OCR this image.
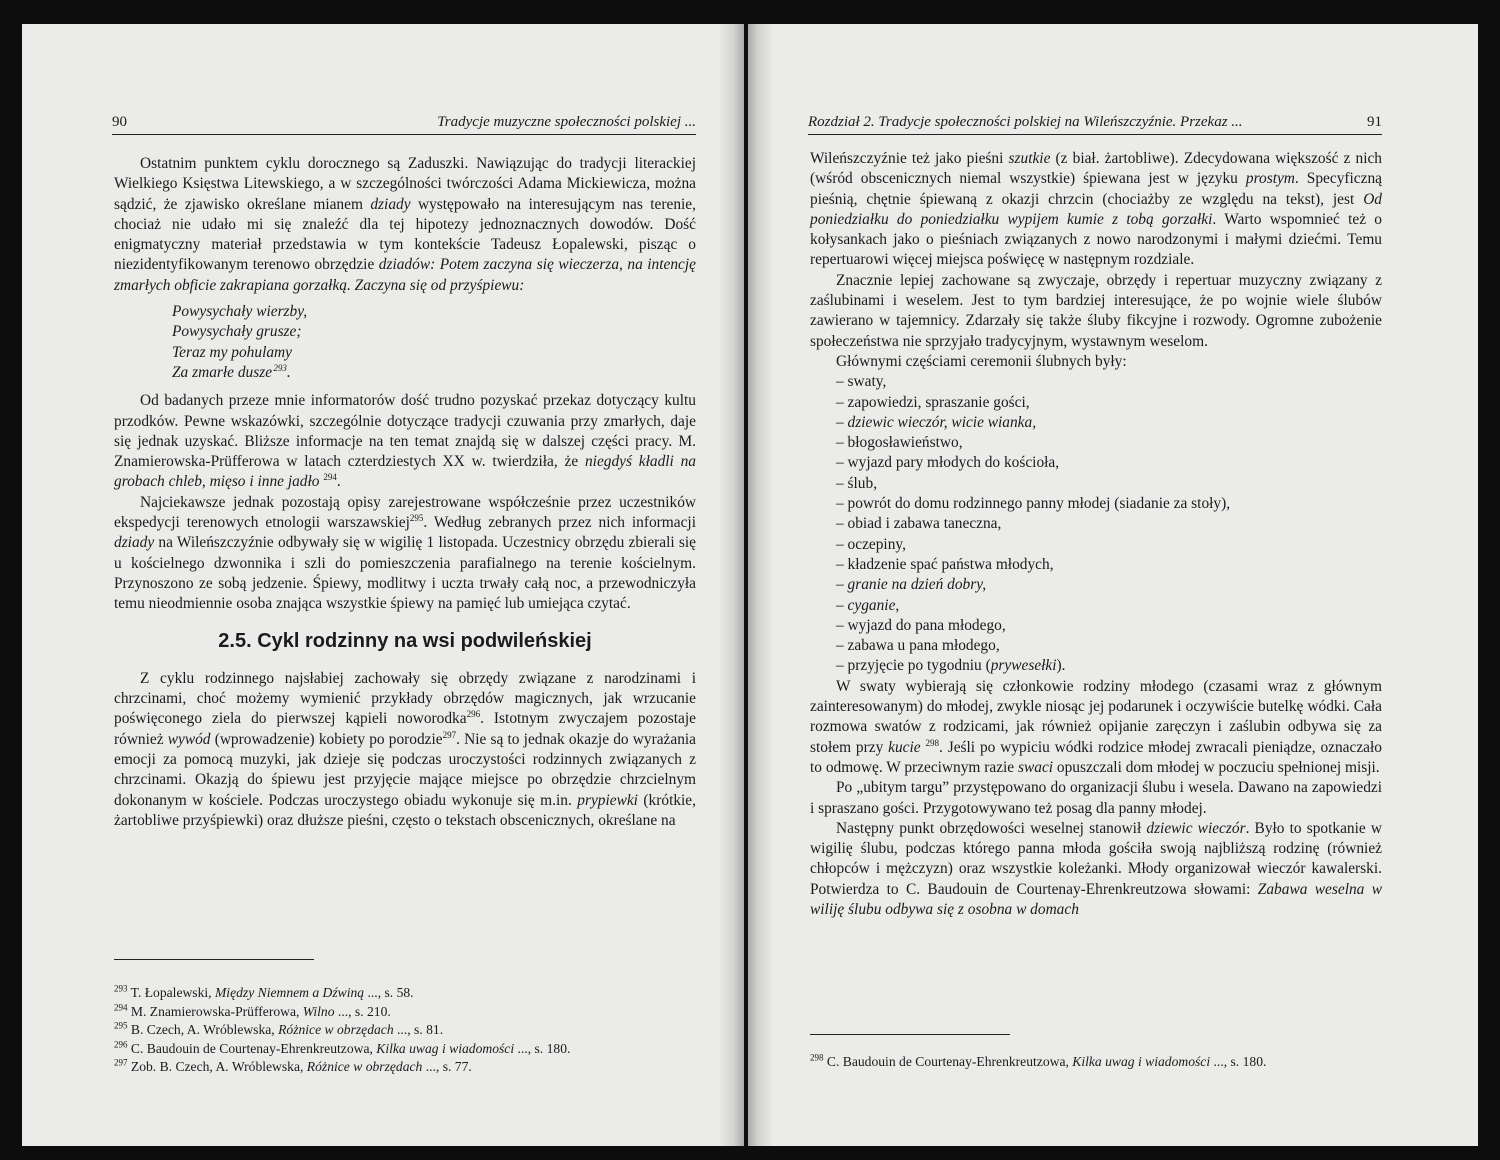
90	Tradycje muzyczne społeczności polskiej ...

Ostatnim punktem cyklu dorocznego są Zaduszki. Nawiązując do tradycji literackiej Wielkiego Księstwa Litewskiego, a w szczególności twórczości Adama Mickiewicza, można sądzić, że zjawisko określane mianem dziady występowało na interesującym nas terenie, chociaż nie udało mi się znaleźć dla tej hipotezy jednoznacznych dowodów. Dość enigmatyczny materiał przedstawia w tym kontekście Tadeusz Łopalewski, pisząc o niezidentyfikowanym terenowo obrzędzie dziadów: Potem zaczyna się wieczerza, na intencję zmarłych obficie zakrapiana gorzałką. Zaczyna się od przyśpiewu:

Powysychały wierzby,
Powysychały grusze;
Teraz my pohulamy
Za zmarłe dusze $^{293}$.

Od badanych przeze mnie informatorów dość trudno pozyskać przekaz dotyczący kultu przodków. Pewne wskazówki, szczególnie dotyczące tradycji czuwania przy zmarłych, daje się jednak uzyskać. Bliższe informacje na ten temat znajdą się w dalszej części pracy. M. Znamierowska-Prüfferowa w latach czterdziestych XX w. twierdziła, że niegdyś kładli na grobach chleb, mięso i inne jadło $^{294}$.

Najciekawsze jednak pozostają opisy zarejestrowane współcześnie przez uczestników ekspedycji terenowych etnologii warszawskiej$^{295}$. Według zebranych przez nich informacji dziady na Wileńszczyźnie odbywały się w wigilię 1 listopada. Uczestnicy obrzędu zbierali się u kościelnego dzwonnika i szli do pomieszczenia parafialnego na terenie kościelnym. Przynoszono ze sobą jedzenie. Śpiewy, modlitwy i uczta trwały całą noc, a przewodniczyła temu nieodmiennie osoba znająca wszystkie śpiewy na pamięć lub umiejąca czytać.

2.5. Cykl rodzinny na wsi podwileńskiej

Z cyklu rodzinnego najsłabiej zachowały się obrzędy związane z narodzinami i chrzcinami, choć możemy wymienić przykłady obrzędów magicznych, jak wrzucanie poświęconego ziela do pierwszej kąpieli noworodka$^{296}$. Istotnym zwyczajem pozostaje również wywód (wprowadzenie) kobiety po porodzie$^{297}$. Nie są to jednak okazje do wyrażania emocji za pomocą muzyki, jak dzieje się podczas uroczystości rodzinnych związanych z chrzcinami. Okazją do śpiewu jest przyjęcie mające miejsce po obrzędzie chrzcielnym dokonanym w kościele. Podczas uroczystego obiadu wykonuje się m.in. prypiewki (krótkie, żartobliwe przyśpiewki) oraz dłuższe pieśni, często o tekstach obscenicznych, określane na

$^{293}$ T. Łopalewski, Między Niemnem a Dźwiną ..., s. 58.
$^{294}$ M. Znamierowska-Prüfferowa, Wilno ..., s. 210.
$^{295}$ B. Czech, A. Wróblewska, Różnice w obrzędach ..., s. 81.
$^{296}$ C. Baudouin de Courtenay-Ehrenkreutzowa, Kilka uwag i wiadomości ..., s. 180.
$^{297}$ Zob. B. Czech, A. Wróblewska, Różnice w obrzędach ..., s. 77.
Rozdział 2. Tradycje społeczności polskiej na Wileńszczyźnie. Przekaz ...	91

Wileńszczyźnie też jako pieśni szutkie (z biał. żartobliwe). Zdecydowana większość z nich (wśród obscenicznych niemal wszystkie) śpiewana jest w języku prostym. Specyficzną pieśnią, chętnie śpiewaną z okazji chrzcin (chociażby ze względu na tekst), jest Od poniedziałku do poniedziałku wypijem kumie z tobą gorzałki. Warto wspomnieć też o kołysankach jako o pieśniach związanych z nowo narodzonymi i małymi dziećmi. Temu repertuarowi więcej miejsca poświęcę w następnym rozdziale.

Znacznie lepiej zachowane są zwyczaje, obrzędy i repertuar muzyczny związany z zaślubinami i weselem. Jest to tym bardziej interesujące, że po wojnie wiele ślubów zawierano w tajemnicy. Zdarzały się także śluby fikcyjne i rozwody. Ogromne zubożenie społeczeństwa nie sprzyjało tradycyjnym, wystawnym weselom.

Głównymi częściami ceremonii ślubnych były:

– swaty,
– zapowiedzi, spraszanie gości,
– dziewic wieczór, wicie wianka,
– błogosławieństwo,
– wyjazd pary młodych do kościoła,
– ślub,
– powrót do domu rodzinnego panny młodej (siadanie za stoły),
– obiad i zabawa taneczna,
– oczepiny,
– kładzenie spać państwa młodych,
– granie na dzień dobry,
– cyganie,
– wyjazd do pana młodego,
– zabawa u pana młodego,
– przyjęcie po tygodniu (prywesełki).

W swaty wybierają się członkowie rodziny młodego (czasami wraz z głównym zainteresowanym) do młodej, zwykle niosąc jej podarunek i oczywiście butelkę wódki. Cała rozmowa swatów z rodzicami, jak również opijanie zaręczyn i zaślubin odbywa się za stołem przy kucie $^{298}$. Jeśli po wypiciu wódki rodzice młodej zwracali pieniądze, oznaczało to odmowę. W przeciwnym razie swaci opuszczali dom młodej w poczuciu spełnionej misji.

Po „ubitym targu” przystępowano do organizacji ślubu i wesela. Dawano na zapowiedzi i spraszano gości. Przygotowywano też posag dla panny młodej.

Następny punkt obrzędowości weselnej stanowił dziewic wieczór. Było to spotkanie w wigilię ślubu, podczas którego panna młoda gościła swoją najbliższą rodzinę (również chłopców i mężczyzn) oraz wszystkie koleżanki. Młody organizował wieczór kawalerski. Potwierdza to C. Baudouin de Courtenay-Ehrenkreutzowa słowami: Zabawa weselna w wiliję ślubu odbywa się z osobna w domach

$^{298}$ C. Baudouin de Courtenay-Ehrenkreutzowa, Kilka uwag i wiadomości ..., s. 180.
